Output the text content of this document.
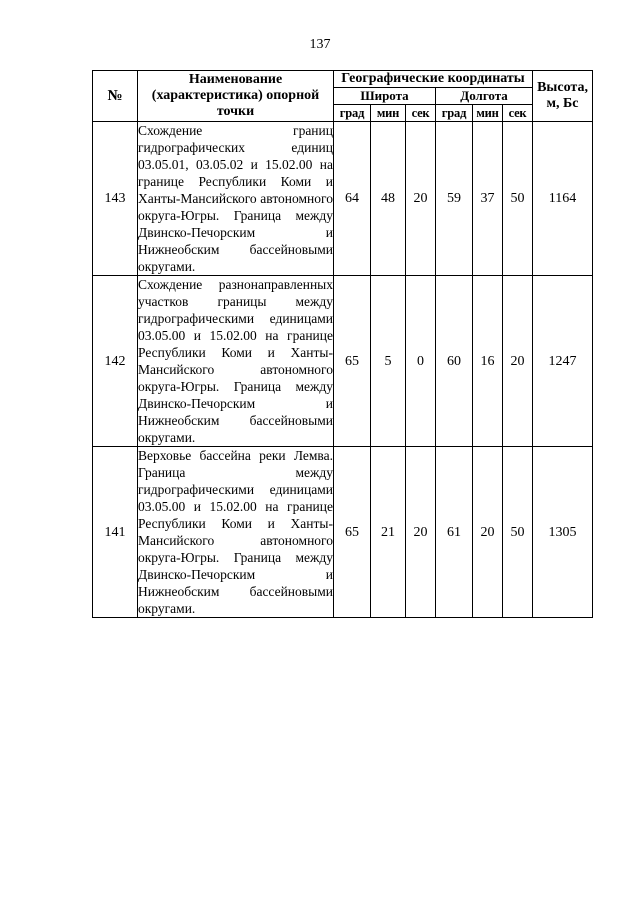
137
№	Наименование (характеристика) опорной точки	Географические координаты						Высота, м, Бс
		Широта			Долгота			
		град	мин	сек	град	мин	сек	
143	Схождение границ гидрографических единиц 03.05.01, 03.05.02 и 15.02.00 на границе Республики Коми и Ханты-Мансийского автономного округа-Югры. Граница между Двинско-Печорским и Нижнеобским бассейновыми округами.	64	48	20	59	37	50	1164
142	Схождение разнонаправленных участков границы между гидрографическими единицами 03.05.00 и 15.02.00 на границе Республики Коми и Ханты-Мансийского автономного округа-Югры. Граница между Двинско-Печорским и Нижнеобским бассейновыми округами.	65	5	0	60	16	20	1247
141	Верховье бассейна реки Лемва. Граница между гидрографическими единицами 03.05.00 и 15.02.00 на границе Республики Коми и Ханты-Мансийского автономного округа-Югры. Граница между Двинско-Печорским и Нижнеобским бассейновыми округами.	65	21	20	61	20	50	1305
